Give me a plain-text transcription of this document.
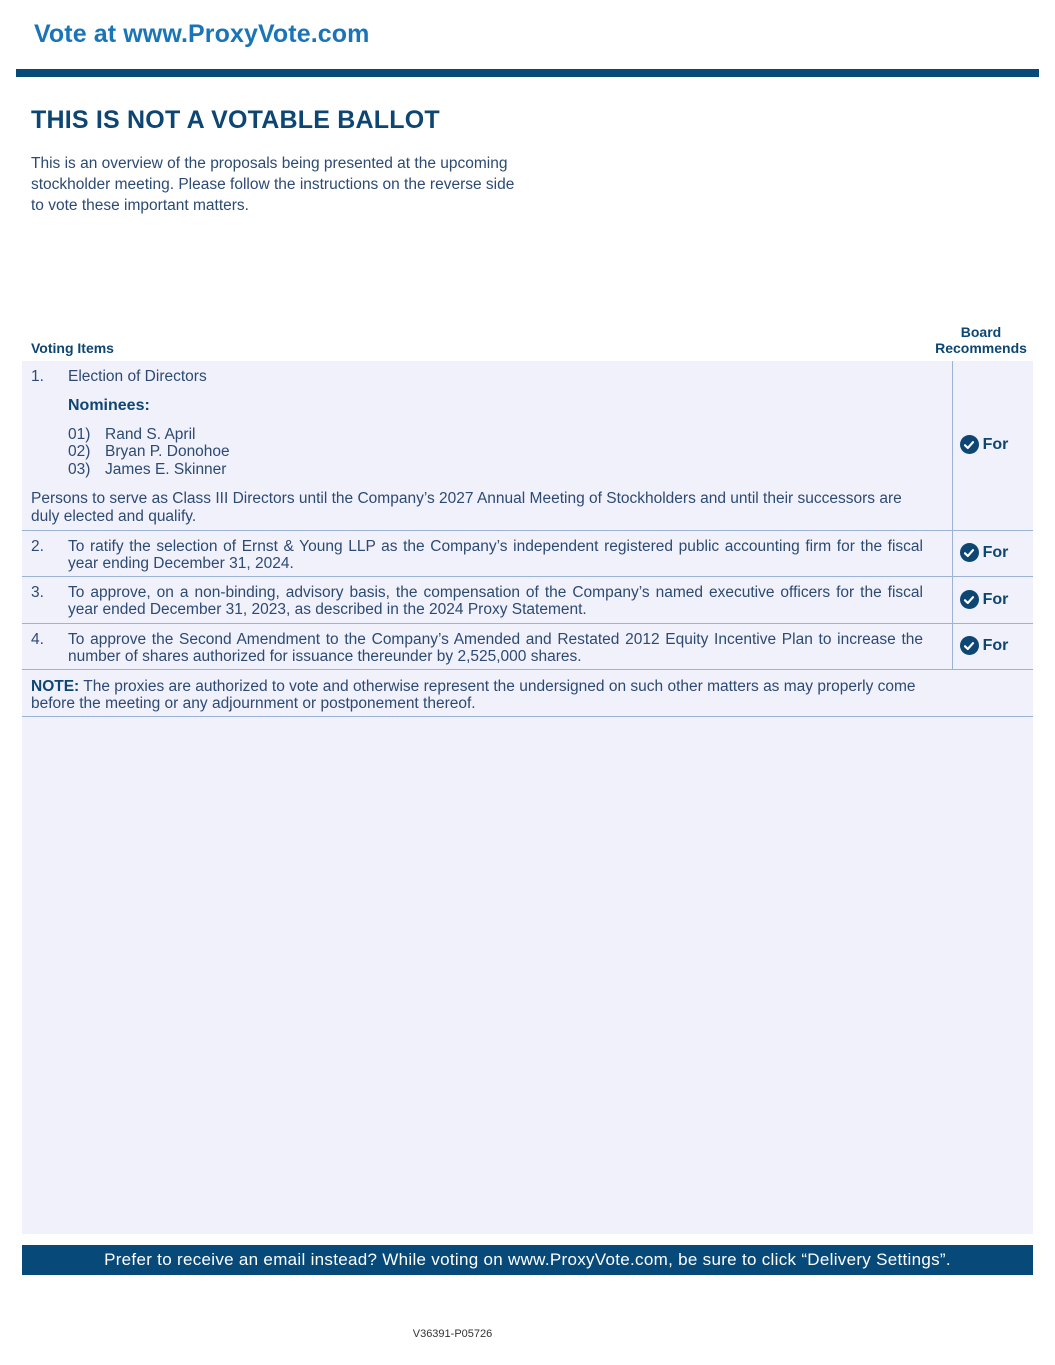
Vote at www.ProxyVote.com
THIS IS NOT A VOTABLE BALLOT

This is an overview of the proposals being presented at the upcoming stockholder meeting. Please follow the instructions on the reverse side to vote these important matters.

Voting Items
Board
Recommends
1. Election of Directors
Nominees:
01) Rand S. April
02) Bryan P. Donohoe
03) James E. Skinner
Persons to serve as Class III Directors until the Company’s 2027 Annual Meeting of Stockholders and until their successors are duly elected and qualify.
For
2. To ratify the selection of Ernst & Young LLP as the Company’s independent registered public accounting firm for the fiscal year ending December 31, 2024.
For
3. To approve, on a non-binding, advisory basis, the compensation of the Company’s named executive officers for the fiscal year ended December 31, 2023, as described in the 2024 Proxy Statement.
For
4. To approve the Second Amendment to the Company’s Amended and Restated 2012 Equity Incentive Plan to increase the number of shares authorized for issuance thereunder by 2,525,000 shares.
For
NOTE: The proxies are authorized to vote and otherwise represent the undersigned on such other matters as may properly come before the meeting or any adjournment or postponement thereof.
Prefer to receive an email instead? While voting on www.ProxyVote.com, be sure to click “Delivery Settings”.
V36391-P05726
